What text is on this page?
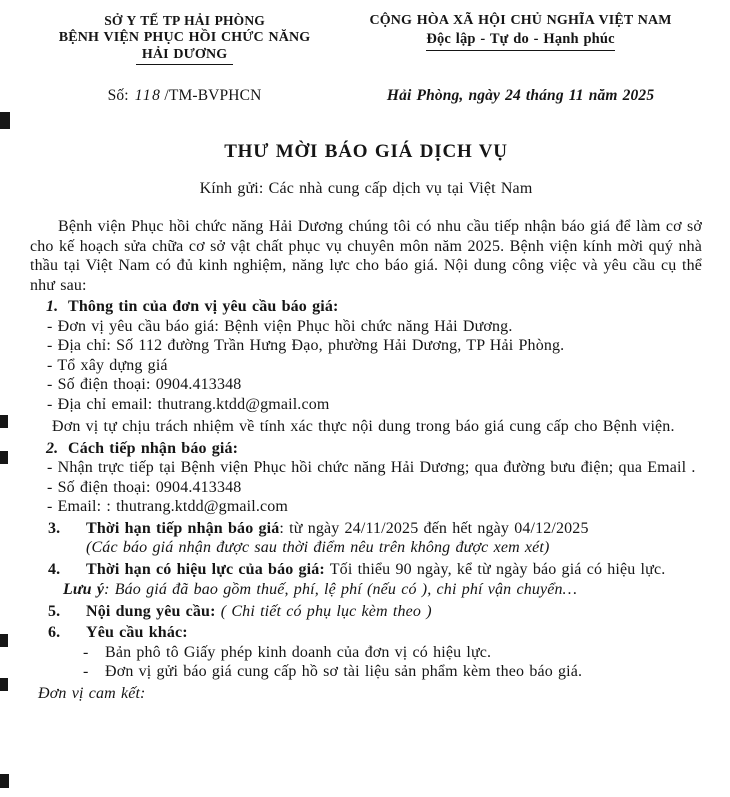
SỞ Y TẾ TP HẢI PHÒNG
BỆNH VIỆN PHỤC HỒI CHỨC NĂNG
HẢI DƯƠNG
CỘNG HÒA XÃ HỘI CHỦ NGHĨA VIỆT NAM
Độc lập - Tự do - Hạnh phúc
Số: 118 /TM-BVPHCN	Hải Phòng, ngày 24 tháng 11 năm 2025
THƯ MỜI BÁO GIÁ DỊCH VỤ
Kính gửi: Các nhà cung cấp dịch vụ tại Việt Nam
Bệnh viện Phục hồi chức năng Hải Dương chúng tôi có nhu cầu tiếp nhận báo giá để làm cơ sở cho kế hoạch sửa chữa cơ sở vật chất phục vụ chuyên môn năm 2025. Bệnh viện kính mời quý nhà thầu tại Việt Nam có đủ kinh nghiệm, năng lực cho báo giá. Nội dung công việc và yêu cầu cụ thể như sau:
1. Thông tin của đơn vị yêu cầu báo giá:
- Đơn vị yêu cầu báo giá: Bệnh viện Phục hồi chức năng Hải Dương.
- Địa chỉ: Số 112 đường Trần Hưng Đạo, phường Hải Dương, TP Hải Phòng.
- Tổ xây dựng giá
- Số điện thoại: 0904.413348
- Địa chỉ email: thutrang.ktdd@gmail.com
Đơn vị tự chịu trách nhiệm về tính xác thực nội dung trong báo giá cung cấp cho Bệnh viện.
2. Cách tiếp nhận báo giá:
- Nhận trực tiếp tại Bệnh viện Phục hồi chức năng Hải Dương; qua đường bưu điện; qua Email .
- Số điện thoại: 0904.413348
- Email: : thutrang.ktdd@gmail.com
3. Thời hạn tiếp nhận báo giá: từ ngày 24/11/2025 đến hết ngày 04/12/2025
(Các báo giá nhận được sau thời điểm nêu trên không được xem xét)
4. Thời hạn có hiệu lực của báo giá: Tối thiểu 90 ngày, kể từ ngày báo giá có hiệu lực.
Lưu ý: Báo giá đã bao gồm thuế, phí, lệ phí (nếu có ), chi phí vận chuyển…
5. Nội dung yêu cầu: ( Chi tiết có phụ lục kèm theo )
6. Yêu cầu khác:
- Bản phô tô Giấy phép kinh doanh của đơn vị có hiệu lực.
- Đơn vị gửi báo giá cung cấp hồ sơ tài liệu sản phẩm kèm theo báo giá.
Đơn vị cam kết:
